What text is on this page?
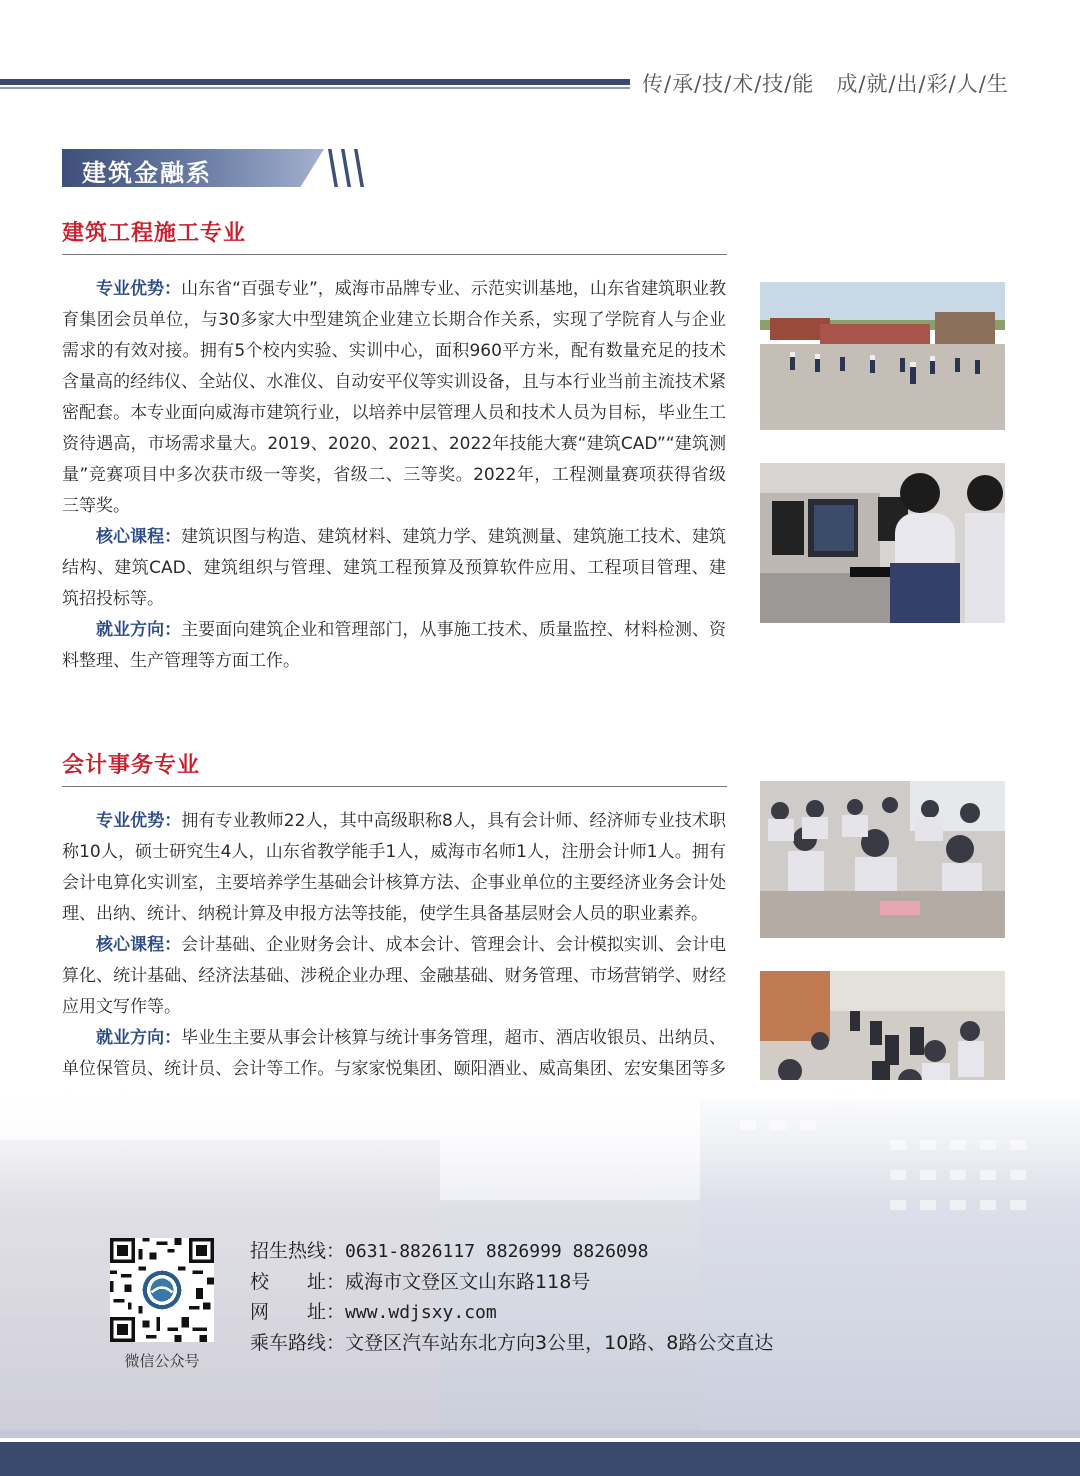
传/承/技/术/技/能 成/就/出/彩/人/生
建筑金融系
建筑工程施工专业

专业优势：山东省“百强专业”，威海市品牌专业、示范实训基地，山东省建筑职业教育集团会员单位，与30多家大中型建筑企业建立长期合作关系，实现了学院育人与企业需求的有效对接。拥有5个校内实验、实训中心，面积960平方米，配有数量充足的技术含量高的经纬仪、全站仪、水准仪、自动安平仪等实训设备，且与本行业当前主流技术紧密配套。本专业面向威海市建筑行业，以培养中层管理人员和技术人员为目标，毕业生工资待遇高，市场需求量大。2019、2020、2021、2022年技能大赛“建筑CAD”“建筑测量”竞赛项目中多次获市级一等奖，省级二、三等奖。2022年，工程测量赛项获得省级三等奖。

核心课程：建筑识图与构造、建筑材料、建筑力学、建筑测量、建筑施工技术、建筑结构、建筑CAD、建筑组织与管理、建筑工程预算及预算软件应用、工程项目管理、建筑招投标等。

就业方向：主要面向建筑企业和管理部门，从事施工技术、质量监控、材料检测、资料整理、生产管理等方面工作。

会计事务专业

专业优势：拥有专业教师22人，其中高级职称8人，具有会计师、经济师专业技术职称10人，硕士研究生4人，山东省教学能手1人，威海市名师1人，注册会计师1人。拥有会计电算化实训室，主要培养学生基础会计核算方法、企事业单位的主要经济业务会计处理、出纳、统计、纳税计算及申报方法等技能，使学生具备基层财会人员的职业素养。

核心课程：会计基础、企业财务会计、成本会计、管理会计、会计模拟实训、会计电算化、统计基础、经济法基础、涉税企业办理、金融基础、财务管理、市场营销学、财经应用文写作等。

就业方向：毕业生主要从事会计核算与统计事务管理，超市、酒店收银员、出纳员、单位保管员、统计员、会计等工作。与家家悦集团、颐阳酒业、威高集团、宏安集团等多

微信公众号
招生热线：0631-8826117 8826999 8826098
校　　址：威海市文登区文山东路118号
网　　址：www.wdjsxy.com
乘车路线：文登区汽车站东北方向3公里，10路、8路公交直达
